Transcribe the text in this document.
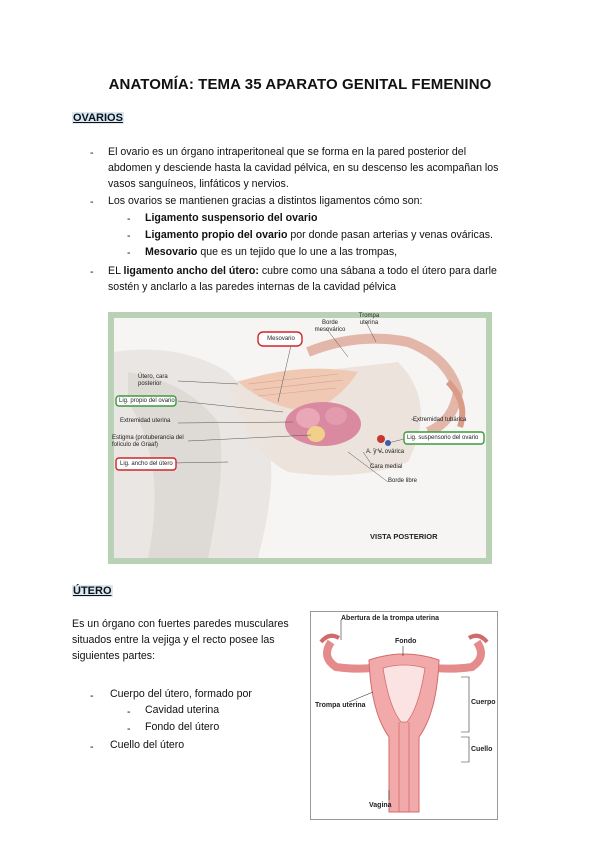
ANATOMÍA: TEMA 35 APARATO GENITAL FEMENINO
OVARIOS
- El ovario es un órgano intraperitoneal que se forma en la pared posterior del
abdomen y desciende hasta la cavidad pélvica, en su descenso les acompañan los
vasos sanguíneos, linfáticos y nervios.
- Los ovarios se mantienen gracias a distintos ligamentos cómo son:
- Ligamento suspensorio del ovario
- Ligamento propio del ovario por donde pasan arterias y venas ováricas.
- Mesovario que es un tejido que lo une a las trompas,
- EL ligamento ancho del útero: cubre como una sábana a todo el útero para darle
sostén y anclarlo a las paredes internas de la cavidad pélvica
Mesovario
Borde mesovárico
Trompa uterina
Útero, cara posterior
Lig. propio del ovario
Extremidad uterina
Estigma (protuberancia del folículo de Graaf)
Lig. ancho del útero
Extremidad tubárica
Lig. suspensorio del ovario
A. y V. ovárica
Cara medial
Borde libre
VISTA POSTERIOR
ÚTERO
Es un órgano con fuertes paredes musculares
situados entre la vejiga y el recto posee las
siguientes partes:
- Cuerpo del útero, formado por
- Cavidad uterina
- Fondo del útero
- Cuello del útero
Abertura de la trompa uterina
Fondo
Cuerpo
Trompa uterina
Cuello
Vagina
